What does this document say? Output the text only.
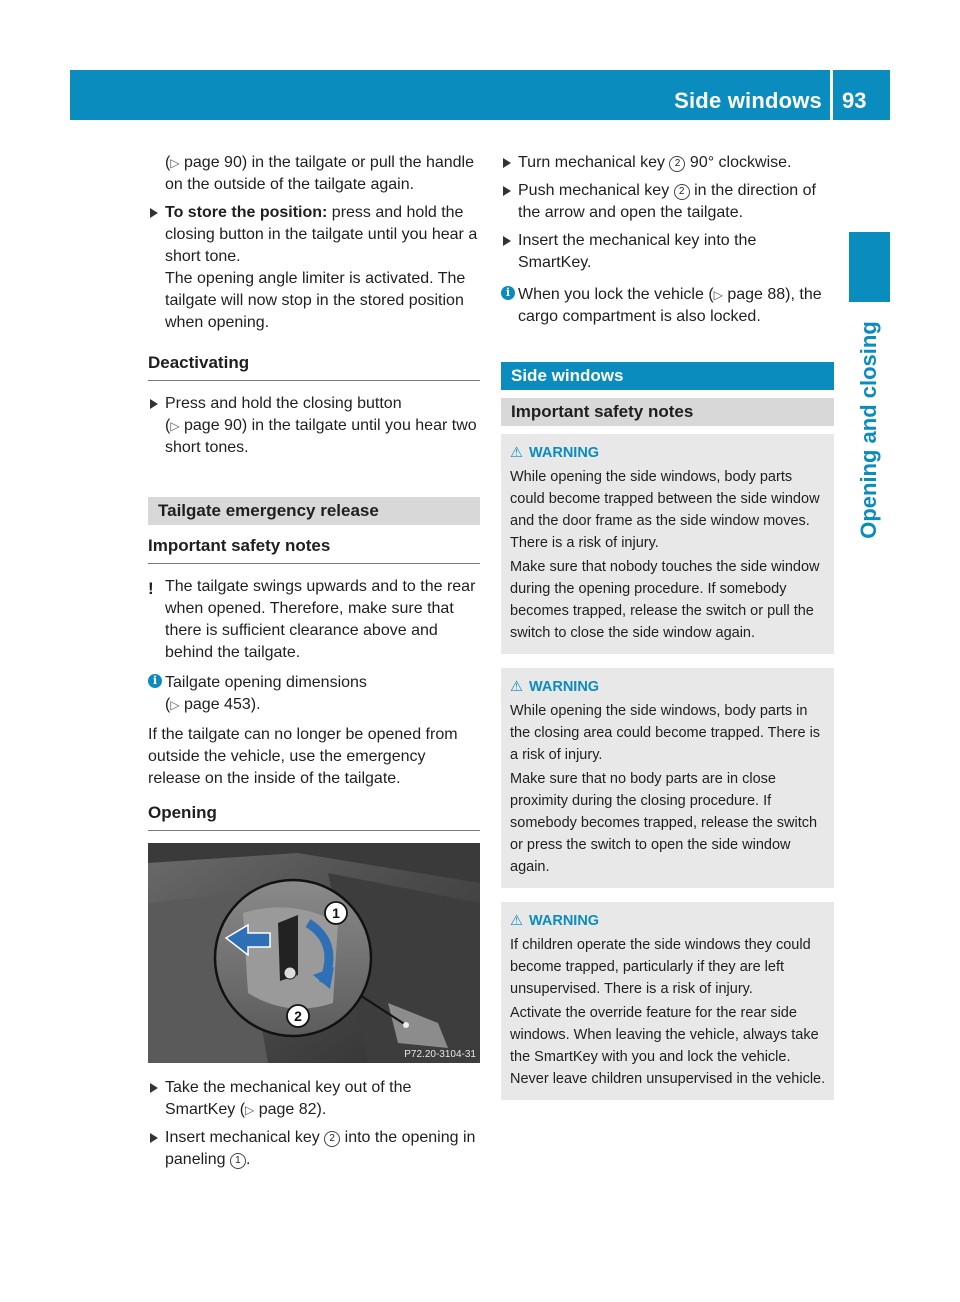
Side windows 93
Opening and closing

(▷ page 90) in the tailgate or pull the handle on the outside of the tailgate again.

To store the position: press and hold the closing button in the tailgate until you hear a short tone.
The opening angle limiter is activated. The tailgate will now stop in the stored position when opening.
Deactivating
Press and hold the closing button
(▷ page 90) in the tailgate until you hear two short tones.
Tailgate emergency release
Important safety notes
! The tailgate swings upwards and to the rear when opened. Therefore, make sure that there is sufficient clearance above and behind the tailgate.
i Tailgate opening dimensions
(▷ page 453).

If the tailgate can no longer be opened from outside the vehicle, use the emergency release on the inside of the tailgate.

Opening
1
2
P72.20-3104-31
Take the mechanical key out of the SmartKey (▷ page 82).
Insert mechanical key 2 into the opening in paneling 1 .
Turn mechanical key 2 90° clockwise.
Push mechanical key 2 in the direction of the arrow and open the tailgate.
Insert the mechanical key into the SmartKey.
i When you lock the vehicle (▷ page 88), the cargo compartment is also locked.
Side windows
Important safety notes
⚠ WARNING

While opening the side windows, body parts could become trapped between the side window and the door frame as the side window moves. There is a risk of injury.

Make sure that nobody touches the side window during the opening procedure. If somebody becomes trapped, release the switch or pull the switch to close the side window again.

⚠ WARNING

While opening the side windows, body parts in the closing area could become trapped. There is a risk of injury.

Make sure that no body parts are in close proximity during the closing procedure. If somebody becomes trapped, release the switch or press the switch to open the side window again.

⚠ WARNING

If children operate the side windows they could become trapped, particularly if they are left unsupervised. There is a risk of injury.

Activate the override feature for the rear side windows. When leaving the vehicle, always take the SmartKey with you and lock the vehicle. Never leave children unsupervised in the vehicle.
